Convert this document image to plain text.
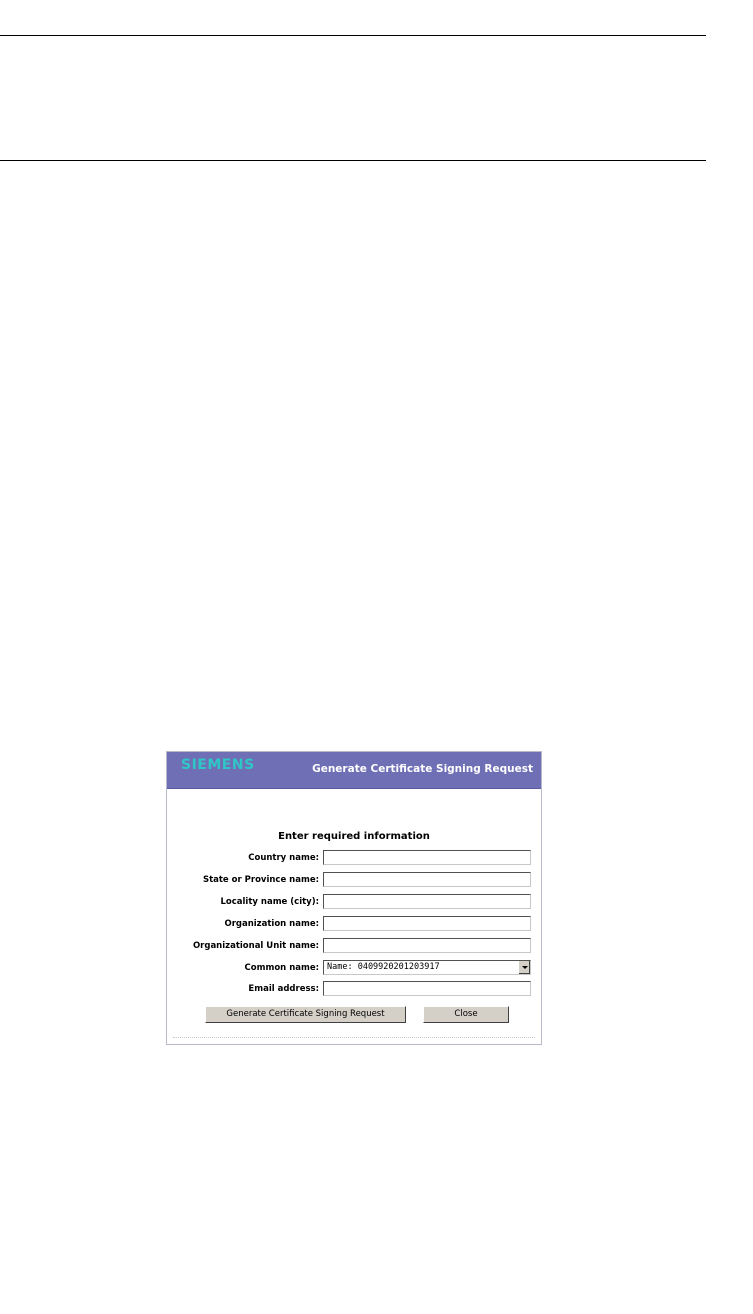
SIEMENS	Generate Certificate Signing Request
Enter required information
Country name:
State or Province name:
Locality name (city):
Organization name:
Organizational Unit name:
Common name: Name: 0409920201203917
Email address:
Generate Certificate Signing Request	Close
